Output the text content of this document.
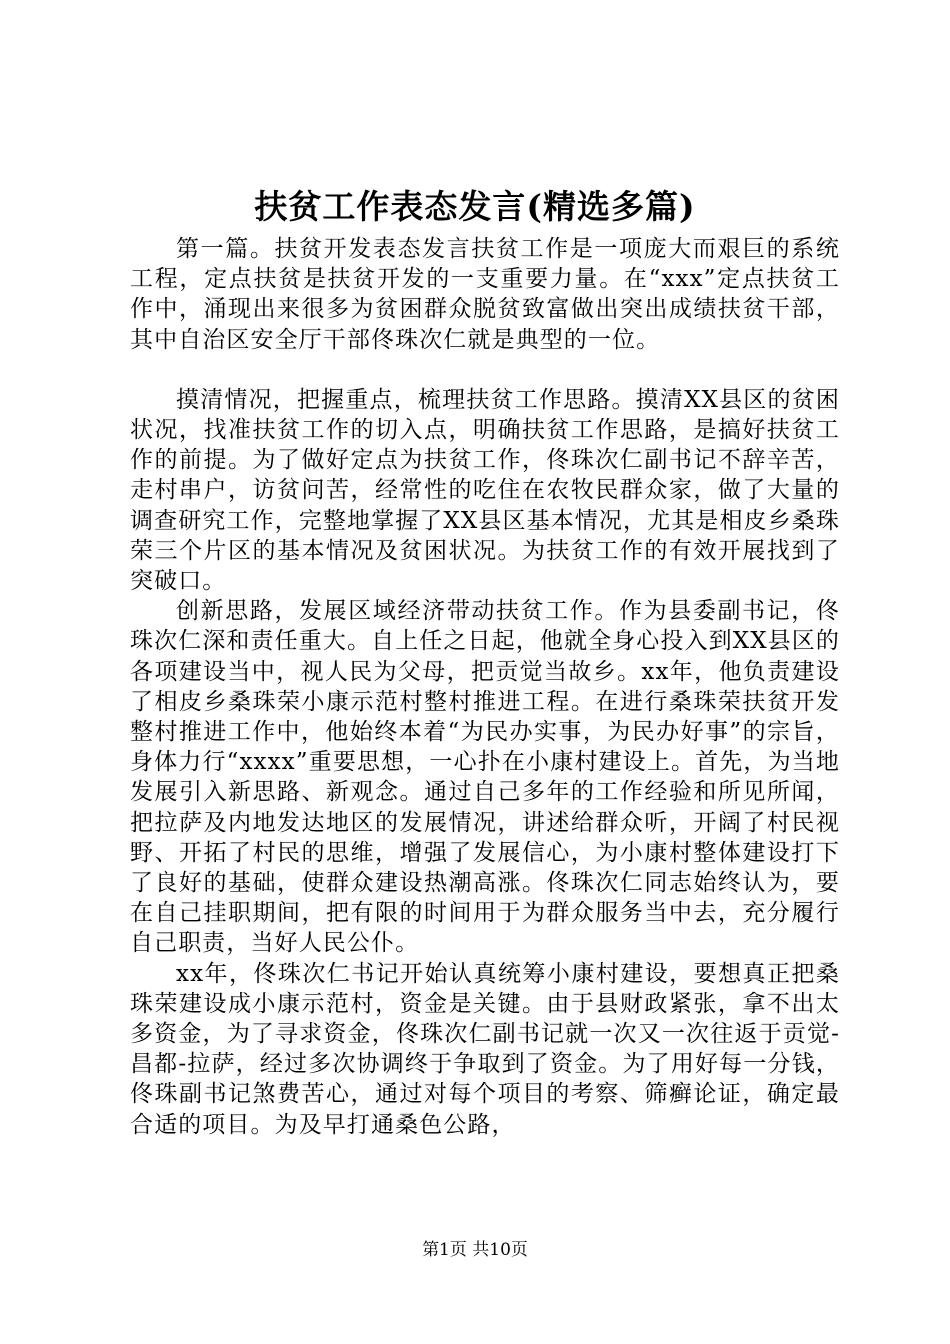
扶贫工作表态发言(精选多篇)

第一篇。扶贫开发表态发言扶贫工作是一项庞大而艰巨的系统工程，定点扶贫是扶贫开发的一支重要力量。在“xxx”定点扶贫工作中，涌现出来很多为贫困群众脱贫致富做出突出成绩扶贫干部，其中自治区安全厅干部佟珠次仁就是典型的一位。

摸清情况，把握重点，梳理扶贫工作思路。摸清XX县区的贫困状况，找准扶贫工作的切入点，明确扶贫工作思路，是搞好扶贫工作的前提。为了做好定点为扶贫工作，佟珠次仁副书记不辞辛苦，走村串户，访贫问苦，经常性的吃住在农牧民群众家，做了大量的调查研究工作，完整地掌握了XX县区基本情况，尤其是相皮乡桑珠荣三个片区的基本情况及贫困状况。为扶贫工作的有效开展找到了突破口。

创新思路，发展区域经济带动扶贫工作。作为县委副书记，佟珠次仁深和责任重大。自上任之日起，他就全身心投入到XX县区的各项建设当中，视人民为父母，把贡觉当故乡。xx年，他负责建设了相皮乡桑珠荣小康示范村整村推进工程。在进行桑珠荣扶贫开发整村推进工作中，他始终本着“为民办实事，为民办好事”的宗旨，身体力行“xxxx”重要思想，一心扑在小康村建设上。首先，为当地发展引入新思路、新观念。通过自己多年的工作经验和所见所闻，把拉萨及内地发达地区的发展情况，讲述给群众听，开阔了村民视野、开拓了村民的思维，增强了发展信心，为小康村整体建设打下了良好的基础，使群众建设热潮高涨。佟珠次仁同志始终认为，要在自己挂职期间，把有限的时间用于为群众服务当中去，充分履行自己职责，当好人民公仆。

xx年，佟珠次仁书记开始认真统筹小康村建设，要想真正把桑珠荣建设成小康示范村，资金是关键。由于县财政紧张，拿不出太多资金，为了寻求资金，佟珠次仁副书记就一次又一次往返于贡觉-昌都-拉萨，经过多次协调终于争取到了资金。为了用好每一分钱，佟珠副书记煞费苦心，通过对每个项目的考察、筛癣论证，确定最合适的项目。为及早打通桑色公路，

第1页 共10页
